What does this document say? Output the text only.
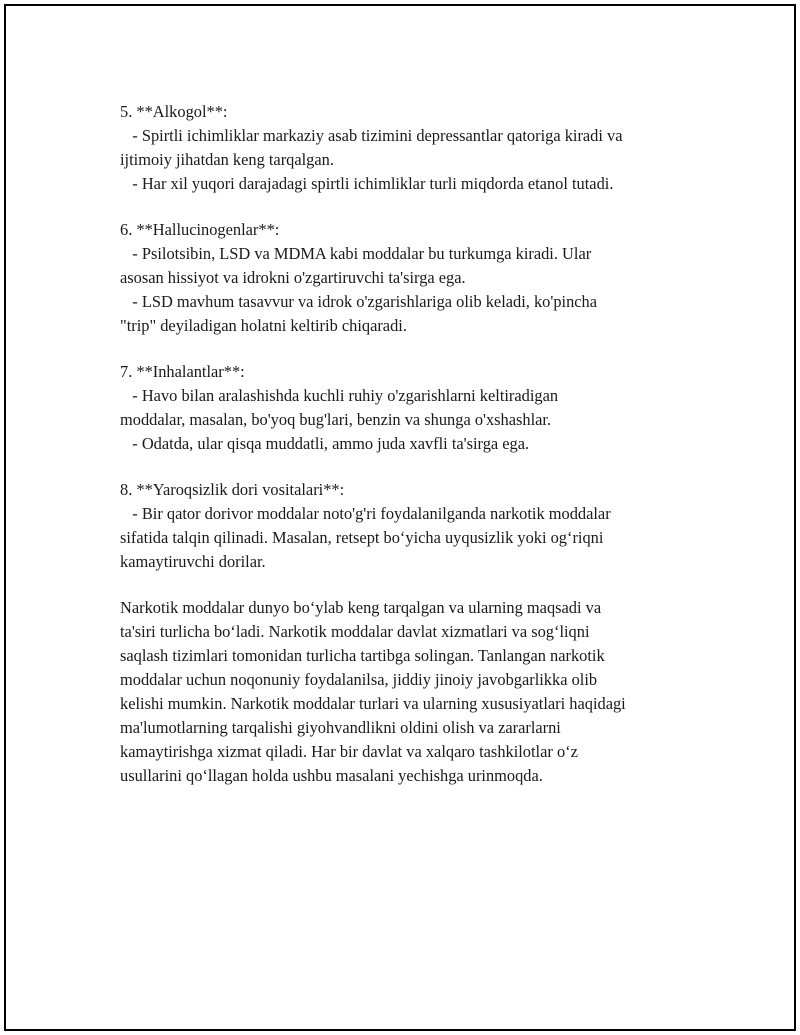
5. **Alkogol**:
- Spirtli ichimliklar markaziy asab tizimini depressantlar qatoriga kiradi va
ijtimoiy jihatdan keng tarqalgan.
- Har xil yuqori darajadagi spirtli ichimliklar turli miqdorda etanol tutadi.
6. **Hallucinogenlar**:
- Psilotsibin, LSD va MDMA kabi moddalar bu turkumga kiradi. Ular
asosan hissiyot va idrokni o'zgartiruvchi ta'sirga ega.
- LSD mavhum tasavvur va idrok o'zgarishlariga olib keladi, ko'pincha
"trip" deyiladigan holatni keltirib chiqaradi.
7. **Inhalantlar**:
- Havo bilan aralashishda kuchli ruhiy o'zgarishlarni keltiradigan
moddalar, masalan, bo'yoq bug'lari, benzin va shunga o'xshashlar.
- Odatda, ular qisqa muddatli, ammo juda xavfli ta'sirga ega.
8. **Yaroqsizlik dori vositalari**:
- Bir qator dorivor moddalar noto'g'ri foydalanilganda narkotik moddalar
sifatida talqin qilinadi. Masalan, retsept bo‘yicha uyqusizlik yoki og‘riqni
kamaytiruvchi dorilar.
Narkotik moddalar dunyo bo‘ylab keng tarqalgan va ularning maqsadi va
ta'siri turlicha bo‘ladi. Narkotik moddalar davlat xizmatlari va sog‘liqni
saqlash tizimlari tomonidan turlicha tartibga solingan. Tanlangan narkotik
moddalar uchun noqonuniy foydalanilsa, jiddiy jinoiy javobgarlikka olib
kelishi mumkin. Narkotik moddalar turlari va ularning xususiyatlari haqidagi
ma'lumotlarning tarqalishi giyohvandlikni oldini olish va zararlarni
kamaytirishga xizmat qiladi. Har bir davlat va xalqaro tashkilotlar o‘z
usullarini qo‘llagan holda ushbu masalani yechishga urinmoqda.
